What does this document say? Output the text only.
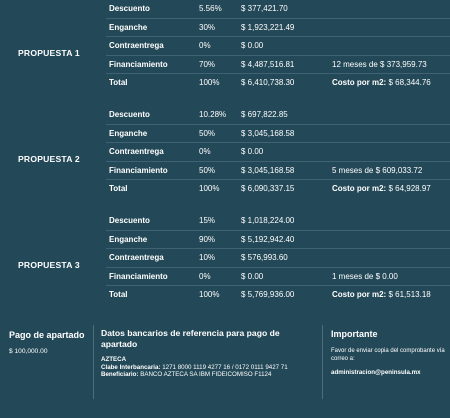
PROPUESTA 1
Descuento	5.56% $ 377,421.70
Enganche	30%	$ 1,923,221.49
Contraentrega	0%	$ 0.00
Financiamiento	70%	$ 4,487,516.81	12 meses de $ 373,959.73
Total	100%	$ 6,410,738.30	Costo por m2: $ 68,344.76
PROPUESTA 2
Descuento	10.28% $ 697,822.85
Enganche	50%	$ 3,045,168.58
Contraentrega	0%	$ 0.00
Financiamiento	50%	$ 3,045,168.58	5 meses de $ 609,033.72
Total	100%	$ 6,090,337.15	Costo por m2: $ 64,928.97
PROPUESTA 3
Descuento	15%	$ 1,018,224.00
Enganche	90%	$ 5,192,942.40
Contraentrega	10%	$ 576,993.60
Financiamiento	0%	$ 0.00	1 meses de $ 0.00
Total	100%	$ 5,769,936.00	Costo por m2: $ 61,513.18
Pago de apartado
$ 100,000.00
Datos bancarios de referencia para pago de apartado
AZTECA
Clabe Interbancaria: 1271 8000 1119 4277 16 / 0172 0111 9427 71
Beneficiario: BANCO AZTECA SA IBM FIDEICOMISO F1124
Importante
Favor de enviar copia del comprobante vía correo a:
administracion@peninsula.mx
